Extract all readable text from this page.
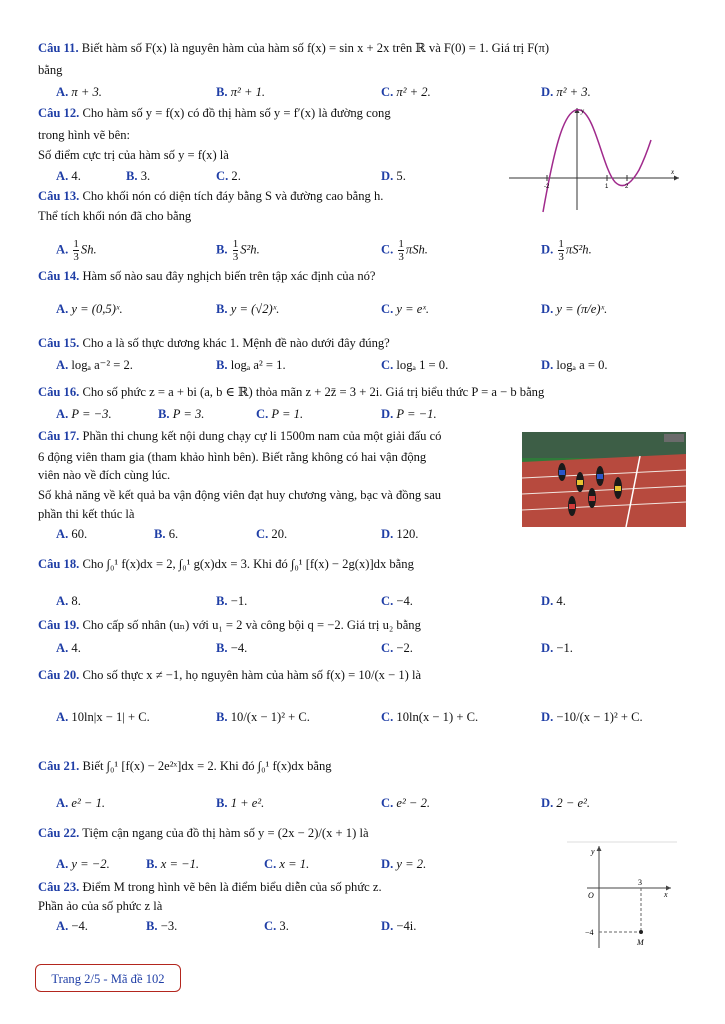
Câu 11. Biết hàm số F(x) là nguyên hàm của hàm số f(x) = sin x + 2x trên ℝ và F(0) = 1. Giá trị F(π)
bằng
A. π + 3.	B. π² + 1.	C. π² + 2.	D. π² + 3.
Câu 12. Cho hàm số y = f(x) có đồ thị hàm số y = f′(x) là đường cong
trong hình vẽ bên:
Số điểm cực trị của hàm số y = f(x) là
A. 4.	B. 3.	C. 2.	D. 5.
-2	1	2
x
y
Câu 13. Cho khối nón có diện tích đáy bằng S và đường cao bằng h.
Thể tích khối nón đã cho bằng
A. $\frac{1}{3} Sh$.	B. $\frac{1}{3} S^2h$.	C. $\frac{1}{3} \pi Sh$.	D. $\frac{1}{3} \pi S^2h$.
Câu 14. Hàm số nào sau đây nghịch biến trên tập xác định của nó?
A. y = (0,5)ˣ.	B. y = (√2)ˣ.	C. y = eˣ.	D. y = (π/e)ˣ.
Câu 15. Cho a là số thực dương khác 1. Mệnh đề nào dưới đây đúng?
A. logₐ a⁻² = 2.	B. logₐ a² = 1.	C. logₐ 1 = 0.	D. logₐ a = 0.
Câu 16. Cho số phức z = a + bi (a, b ∈ ℝ) thỏa mãn z + 2z̄ = 3 + 2i. Giá trị biểu thức P = a − b bằng
A. P = −3.	B. P = 3.	C. P = 1.	D. P = −1.
Câu 17. Phần thi chung kết nội dung chạy cự li 1500m nam của một giải đấu có
6 động viên tham gia (tham khảo hình bên). Biết rằng không có hai vận động
viên nào về đích cùng lúc.
Số khả năng về kết quả ba vận động viên đạt huy chương vàng, bạc và đồng sau
phần thi kết thúc là
A. 60.	B. 6.	C. 20.	D. 120.
Câu 18. Cho ∫₀¹ f(x)dx = 2, ∫₀¹ g(x)dx = 3. Khi đó ∫₀¹ [f(x) − 2g(x)]dx bằng
A. 8.	B. −1.	C. −4.	D. 4.
Câu 19. Cho cấp số nhân (uₙ) với u₁ = 2 và công bội q = −2. Giá trị u₂ bằng
A. 4.	B. −4.	C. −2.	D. −1.
Câu 20. Cho số thực x ≠ −1, họ nguyên hàm của hàm số f(x) = 10/(x − 1) là
A. 10ln|x − 1| + C.	B. 10/(x − 1)² + C.	C. 10ln(x − 1) + C.	D. −10/(x − 1)² + C.
Câu 21. Biết ∫₀¹ [f(x) − 2e²ˣ]dx = 2. Khi đó ∫₀¹ f(x)dx bằng
A. e² − 1.	B. 1 + e².	C. e² − 2.	D. 2 − e².
Câu 22. Tiệm cận ngang của đồ thị hàm số y = (2x − 2)/(x + 1) là
A. y = −2.	B. x = −1.	C. x = 1.	D. y = 2.
Câu 23. Điểm M trong hình vẽ bên là điểm biểu diễn của số phức z.
Phần ảo của số phức z là
A. −4.	B. −3.	C. 3.	D. −4i.
y
x
O
3
−4
M
Trang 2/5 - Mã đề 102
